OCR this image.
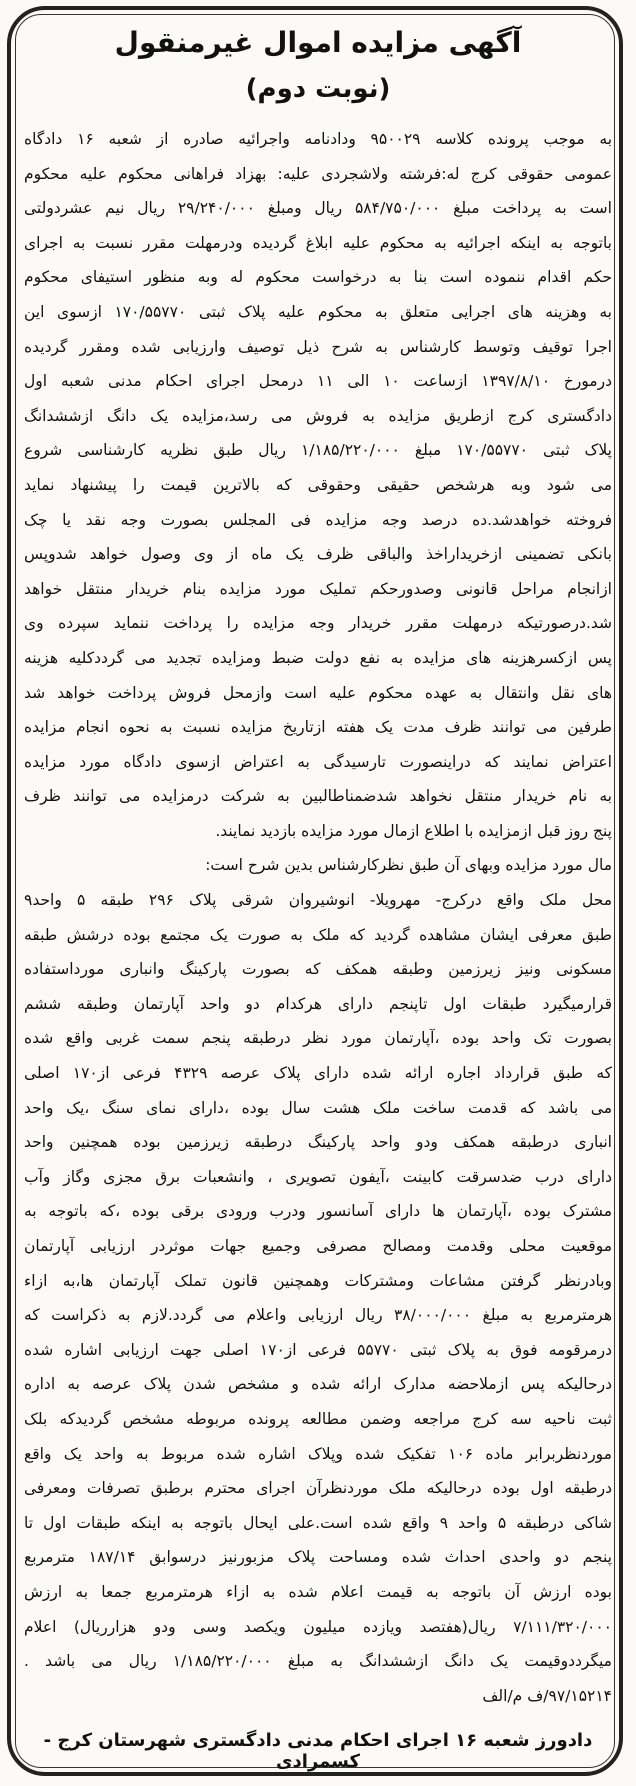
آگهی مزایده اموال غیرمنقول
(نوبت دوم)
به موجب پرونده کلاسه ۹۵۰۰۲۹ ودادنامه واجرائیه صادره از شعبه ۱۶ دادگاه
عمومی حقوقی کرج له:فرشته ولاشجردی علیه: بهزاد فراهانی محکوم علیه محکوم
است به پرداخت مبلغ ۵۸۴/۷۵۰/۰۰۰ ریال ومبلغ ۲۹/۲۴۰/۰۰۰ ریال نیم عشردولتی
باتوجه به اینکه اجرائیه به محکوم علیه ابلاغ گردیده ودرمهلت مقرر نسبت به اجرای
حکم اقدام ننموده است بنا به درخواست محکوم له وبه منظور استیفای محکوم
به وهزینه های اجرایی متعلق به محکوم علیه پلاک ثبتی ۱۷۰/۵۵۷۷۰ ازسوی این
اجرا توقیف وتوسط کارشناس به شرح ذیل توصیف وارزیابی شده ومقرر گردیده
درمورخ ۱۳۹۷/۸/۱۰ ازساعت ۱۰ الی ۱۱ درمحل اجرای احکام مدنی شعبه اول
دادگستری کرج ازطریق مزایده به فروش می رسد،مزایده یک دانگ ازششدانگ
پلاک ثبتی ۱۷۰/۵۵۷۷۰ مبلغ ۱/۱۸۵/۲۲۰/۰۰۰ ریال طبق نظریه کارشناسی شروع
می شود وبه هرشخص حقیقی وحقوقی که بالاترین قیمت را پیشنهاد نماید
فروخته خواهدشد.ده درصد وجه مزایده فی المجلس بصورت وجه نقد یا چک
بانکی تضمینی ازخریداراخذ والباقی ظرف یک ماه از وی وصول خواهد شدوپس
ازانجام مراحل قانونی وصدورحکم تملیک مورد مزایده بنام خریدار منتقل خواهد
شد.درصورتیکه درمهلت مقرر خریدار وجه مزایده را پرداخت ننماید سپرده وی
پس ازکسرهزینه های مزایده به نفع دولت ضبط ومزایده تجدید می گرددکلیه هزینه
های نقل وانتقال به عهده محکوم علیه است وازمحل فروش پرداخت خواهد شد
طرفین می توانند ظرف مدت یک هفته ازتاریخ مزایده نسبت به نحوه انجام مزایده
اعتراض نمایند که دراینصورت تارسیدگی به اعتراض ازسوی دادگاه مورد مزایده
به نام خریدار منتقل نخواهد شدضمناطالبین به شرکت درمزایده می توانند ظرف
پنج روز قبل ازمزایده با اطلاع ازمال مورد مزایده بازدید نمایند.
مال مورد مزایده وبهای آن طبق نظرکارشناس بدین شرح است:
محل ملک واقع درکرج- مهرویلا- انوشیروان شرقی پلاک ۲۹۶ طبقه ۵ واحد۹
طبق معرفی ایشان مشاهده گردید که ملک به صورت یک مجتمع بوده درشش طبقه
مسکونی ونیز زیرزمین وطبقه همکف که بصورت پارکینگ وانباری مورداستفاده
قرارمیگیرد طبقات اول تاپنجم دارای هرکدام دو واحد آپارتمان وطبقه ششم
بصورت تک واحد بوده ،آپارتمان مورد نظر درطبقه پنجم سمت غربی واقع شده
که طبق قرارداد اجاره ارائه شده دارای پلاک عرصه ۴۳۲۹ فرعی از۱۷۰ اصلی
می باشد که قدمت ساخت ملک هشت سال بوده ،دارای نمای سنگ ،یک واحد
انباری درطبقه همکف ودو واحد پارکینگ درطبقه زیرزمین بوده همچنین واحد
دارای درب ضدسرقت کابینت ،آیفون تصویری ، وانشعبات برق مجزی وگاز وآب
مشترک بوده ،آپارتمان ها دارای آسانسور ودرب ورودی برقی بوده ،که باتوجه به
موقعیت محلی وقدمت ومصالح مصرفی وجمیع جهات موثردر ارزیابی آپارتمان
وبادرنظر گرفتن مشاعات ومشترکات وهمچنین قانون تملک آپارتمان ها،به ازاء
هرمترمربع به مبلغ ۳۸/۰۰۰/۰۰۰ ریال ارزیابی واعلام می گردد.لازم به ذکراست که
درمرقومه فوق به پلاک ثبتی ۵۵۷۷۰ فرعی از۱۷۰ اصلی جهت ارزیابی اشاره شده
درحالیکه پس ازملاحضه مدارک ارائه شده و مشخص شدن پلاک عرصه به اداره
ثبت ناحیه سه کرج مراجعه وضمن مطالعه پرونده مربوطه مشخص گردیدکه بلک
موردنظربرابر ماده ۱۰۶ تفکیک شده وپلاک اشاره شده مربوط به واحد یک واقع
درطبقه اول بوده درحالیکه ملک موردنظرآن اجرای محترم برطبق تصرفات ومعرفی
شاکی درطبقه ۵ واحد ۹ واقع شده است.علی ایحال باتوجه به اینکه طبقات اول تا
پنجم دو واحدی احداث شده ومساحت پلاک مزبورنیز درسوابق ۱۸۷/۱۴ مترمربع
بوده ارزش آن باتوجه به قیمت اعلام شده به ازاء هرمترمربع جمعا به ارزش
۷/۱۱۱/۳۲۰/۰۰۰ ریال(هفتصد ویازده میلیون ویکصد وسی ودو هزارریال) اعلام
میگرددوقیمت یک دانگ ازششدانگ به مبلغ ۱/۱۸۵/۲۲۰/۰۰۰ ریال می باشد .
۹۷/۱۵۲۱۴/ف م/الف
دادورز شعبه ۱۶ اجرای احکام مدنی دادگستری شهرستان کرج - کسمرادی
